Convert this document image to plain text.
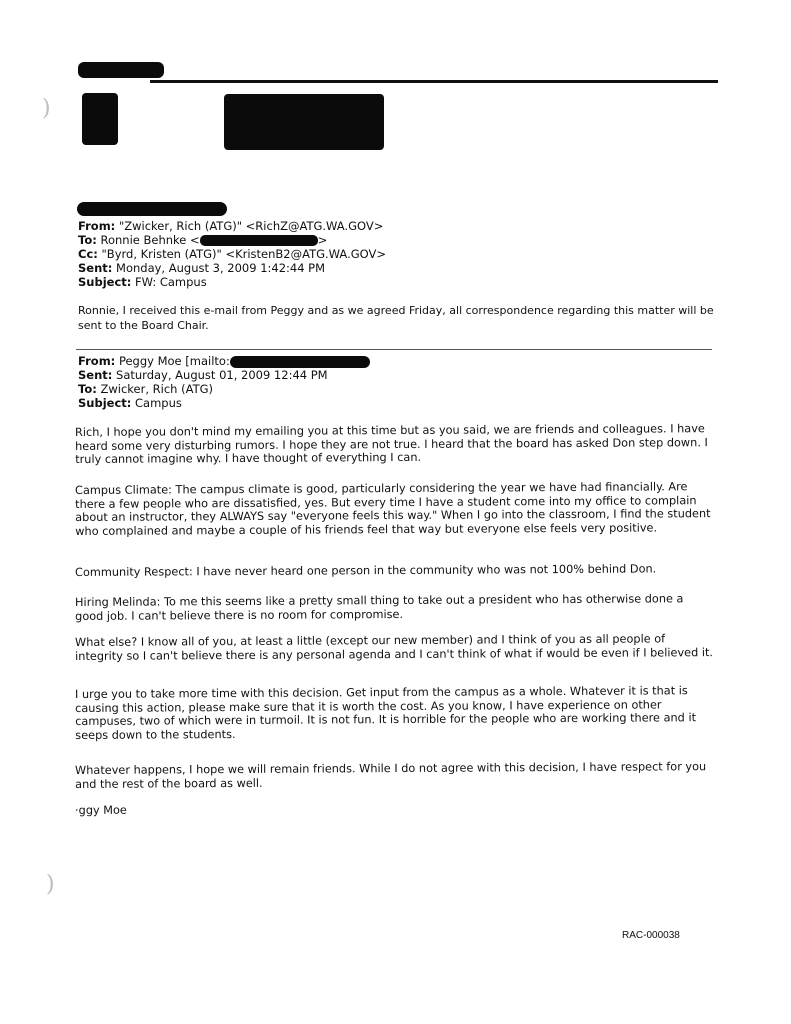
)
From: "Zwicker, Rich (ATG)" <RichZ@ATG.WA.GOV>
To: Ronnie Behnke <	>
Cc: "Byrd, Kristen (ATG)" <KristenB2@ATG.WA.GOV>
Sent: Monday, August 3, 2009 1:42:44 PM
Subject: FW: Campus
Ronnie, I received this e-mail from Peggy and as we agreed Friday, all correspondence regarding this matter will be sent to the Board Chair.
From: Peggy Moe [mailto:
Sent: Saturday, August 01, 2009 12:44 PM
To: Zwicker, Rich (ATG)
Subject: Campus
Rich, I hope you don't mind my emailing you at this time but as you said, we are friends and colleagues. I have heard some very disturbing rumors. I hope they are not true. I heard that the board has asked Don step down. I truly cannot imagine why. I have thought of everything I can.
Campus Climate: The campus climate is good, particularly considering the year we have had financially. Are there a few people who are dissatisfied, yes. But every time I have a student come into my office to complain about an instructor, they ALWAYS say "everyone feels this way." When I go into the classroom, I find the student who complained and maybe a couple of his friends feel that way but everyone else feels very positive.
Community Respect: I have never heard one person in the community who was not 100% behind Don.
Hiring Melinda: To me this seems like a pretty small thing to take out a president who has otherwise done a good job. I can't believe there is no room for compromise.
What else? I know all of you, at least a little (except our new member) and I think of you as all people of integrity so I can't believe there is any personal agenda and I can't think of what if would be even if I believed it.
I urge you to take more time with this decision. Get input from the campus as a whole. Whatever it is that is causing this action, please make sure that it is worth the cost. As you know, I have experience on other campuses, two of which were in turmoil. It is not fun. It is horrible for the people who are working there and it seeps down to the students.
Whatever happens, I hope we will remain friends. While I do not agree with this decision, I have respect for you and the rest of the board as well.
·ggy Moe
)
RAC-000038
